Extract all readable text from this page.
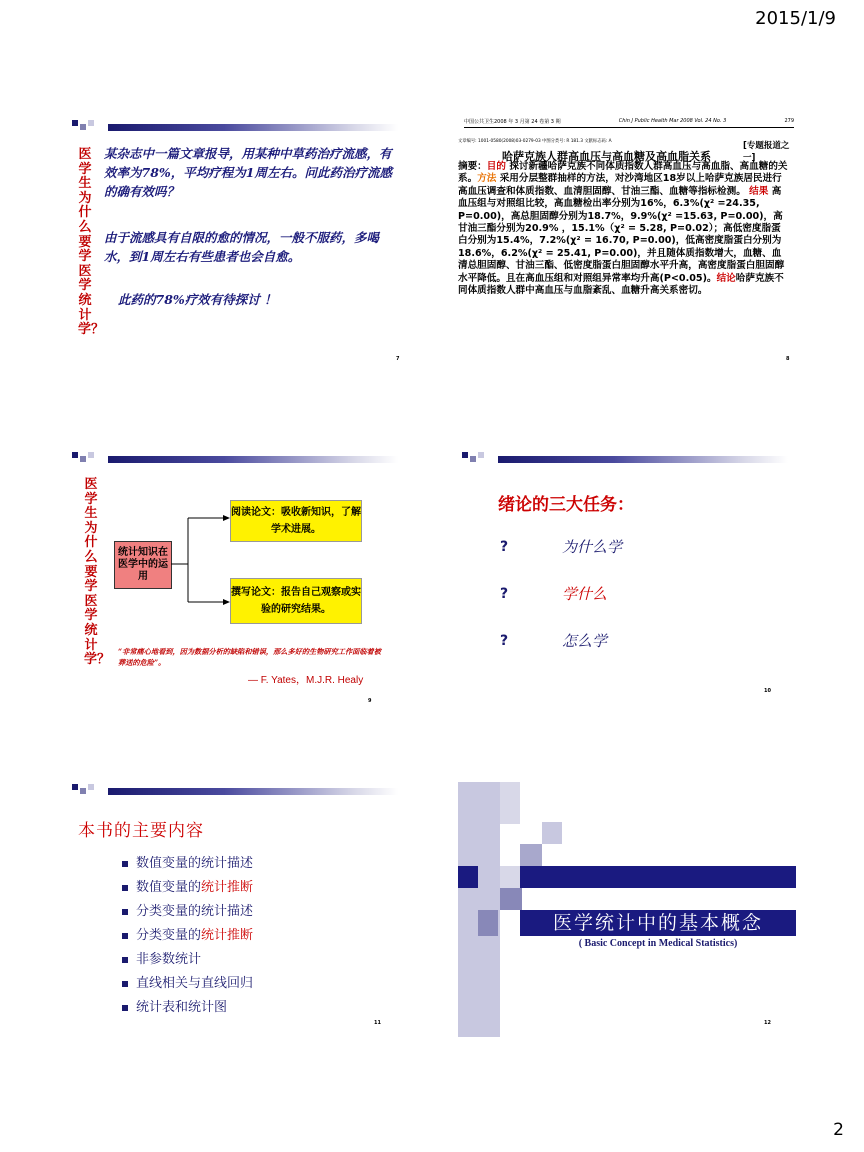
2015/1/9
医学生为什么要学医学统计学？
某杂志中一篇文章报导，用某种中草药治疗流感，有效率为78%，平均疗程为1周左右。问此药治疗流感的确有效吗？
由于流感具有自限的愈的情况，一般不服药，多喝水，到1周左右有些患者也会自愈。
此药的78%疗效有待探讨 ！
7
中国公共卫生2008 年 3 月第 24 卷第 3 期	Chin J Public Health Mar 2008 Vol. 24 No. 3	279
文章编号: 1001-0580(2008)03-0279-03 中图分类号: R 181.3 文献标志码: A	[专题报道之一]
哈萨克族人群高血压与高血糖及高血脂关系
摘要：目的 探讨新疆哈萨克族不同体质指数人群高血压与高血脂、高血糖的关系。方法 采用分层整群抽样的方法，对沙湾地区18岁以上哈萨克族居民进行高血压调查和体质指数、血清胆固醇、甘油三酯、血糖等指标检测。 结果 高血压组与对照组比较，高血糖检出率分别为16%，6.3%(χ² =24.35, P=0.00)，高总胆固醇分别为18.7%，9.9%(χ² =15.63, P=0.00)，高甘油三酯分别为20.9% ，15.1%（χ² = 5.28, P=0.02）；高低密度脂蛋白分别为15.4%，7.2%(χ² = 16.70, P=0.00)，低高密度脂蛋白分别为18.6%，6.2%(χ² = 25.41, P=0.00)，并且随体质指数增大，血糖、血清总胆固醇、甘油三酯、低密度脂蛋白胆固醇水平升高，高密度脂蛋白胆固醇水平降低。且在高血压组和对照组异常率均升高(P<0.05)。结论哈萨克族不同体质指数人群中高血压与血脂紊乱、血糖升高关系密切。
8
医学生为什么要学医学统计学？
统计知识在医学中的运用
阅读论文：吸收新知识，了解学术进展。
撰写论文：报告自己观察或实验的研究结果。
“非常痛心地看到，因为数据分析的缺陷和错误，那么多好的生物研究工作面临着被葬送的危险”。
— F. Yates，M.J.R. Healy
9
绪论的三大任务：
?	为什么学
?	学什么
?	怎么学
10
本书的主要内容
数值变量的统计描述
数值变量的统计推断
分类变量的统计描述
分类变量的统计推断
非参数统计
直线相关与直线回归
统计表和统计图
11
医学统计中的基本概念
( Basic Concept in Medical Statistics)
12
2
